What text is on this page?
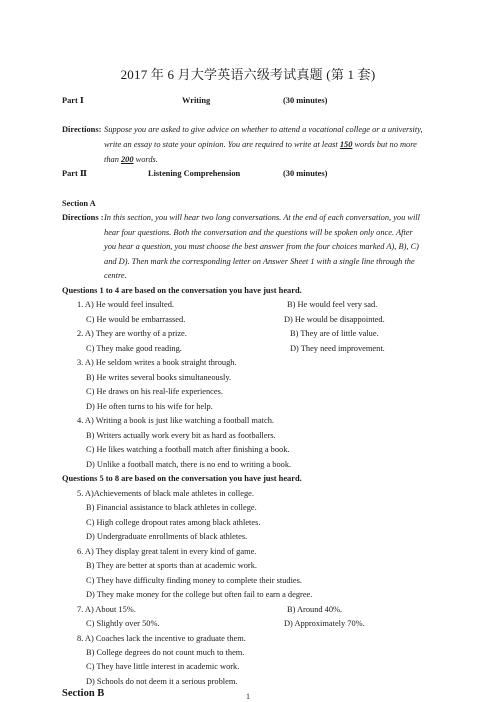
2017 年 6 月大学英语六级考试真题 (第 1 套)
Part Ⅰ	Writing	(30 minutes)
Directions: Suppose you are asked to give advice on whether to attend a vocational college or a university,
write an essay to state your opinion. You are required to write at least 150 words but no more
than 200 words.
Part Ⅱ	Listening Comprehension	(30 minutes)
Section A
Directions : In this section, you will hear two long conversations. At the end of each conversation, you will
hear four questions. Both the conversation and the questions will be spoken only once. After
you hear a question, you must choose the best answer from the four choices marked A), B), C)
and D). Then mark the corresponding letter on Answer Sheet 1 with a single line through the
centre.
Questions 1 to 4 are based on the conversation you have just heard.
1. A) He would feel insulted.	B) He would feel very sad.
C) He would be embarrassed.	D) He would be disappointed.
2. A) They are worthy of a prize.	B) They are of little value.
C) They make good reading.	D) They need improvement.
3. A) He seldom writes a book straight through.
B) He writes several books simultaneously.
C) He draws on his real-life experiences.
D) He often turns to his wife for help.
4. A) Writing a book is just like watching a football match.
B) Writers actually work every bit as hard as footballers.
C) He likes watching a football match after finishing a book.
D) Unlike a football match, there is no end to writing a book.
Questions 5 to 8 are based on the conversation you have just heard.
5. A)Achievements of black male athletes in college.
B) Financial assistance to black athletes in college.
C) High college dropout rates among black athletes.
D) Undergraduate enrollments of black athletes.
6. A) They display great talent in every kind of game.
B) They are better at sports than at academic work.
C) They have difficulty finding money to complete their studies.
D) They make money for the college but often fail to earn a degree.
7. A) About 15%.	B) Around 40%.
C) Slightly over 50%.	D) Approximately 70%.
8. A) Coaches lack the incentive to graduate them.
B) College degrees do not count much to them.
C) They have little interest in academic work.
D) Schools do not deem it a serious problem.
Section B	1
